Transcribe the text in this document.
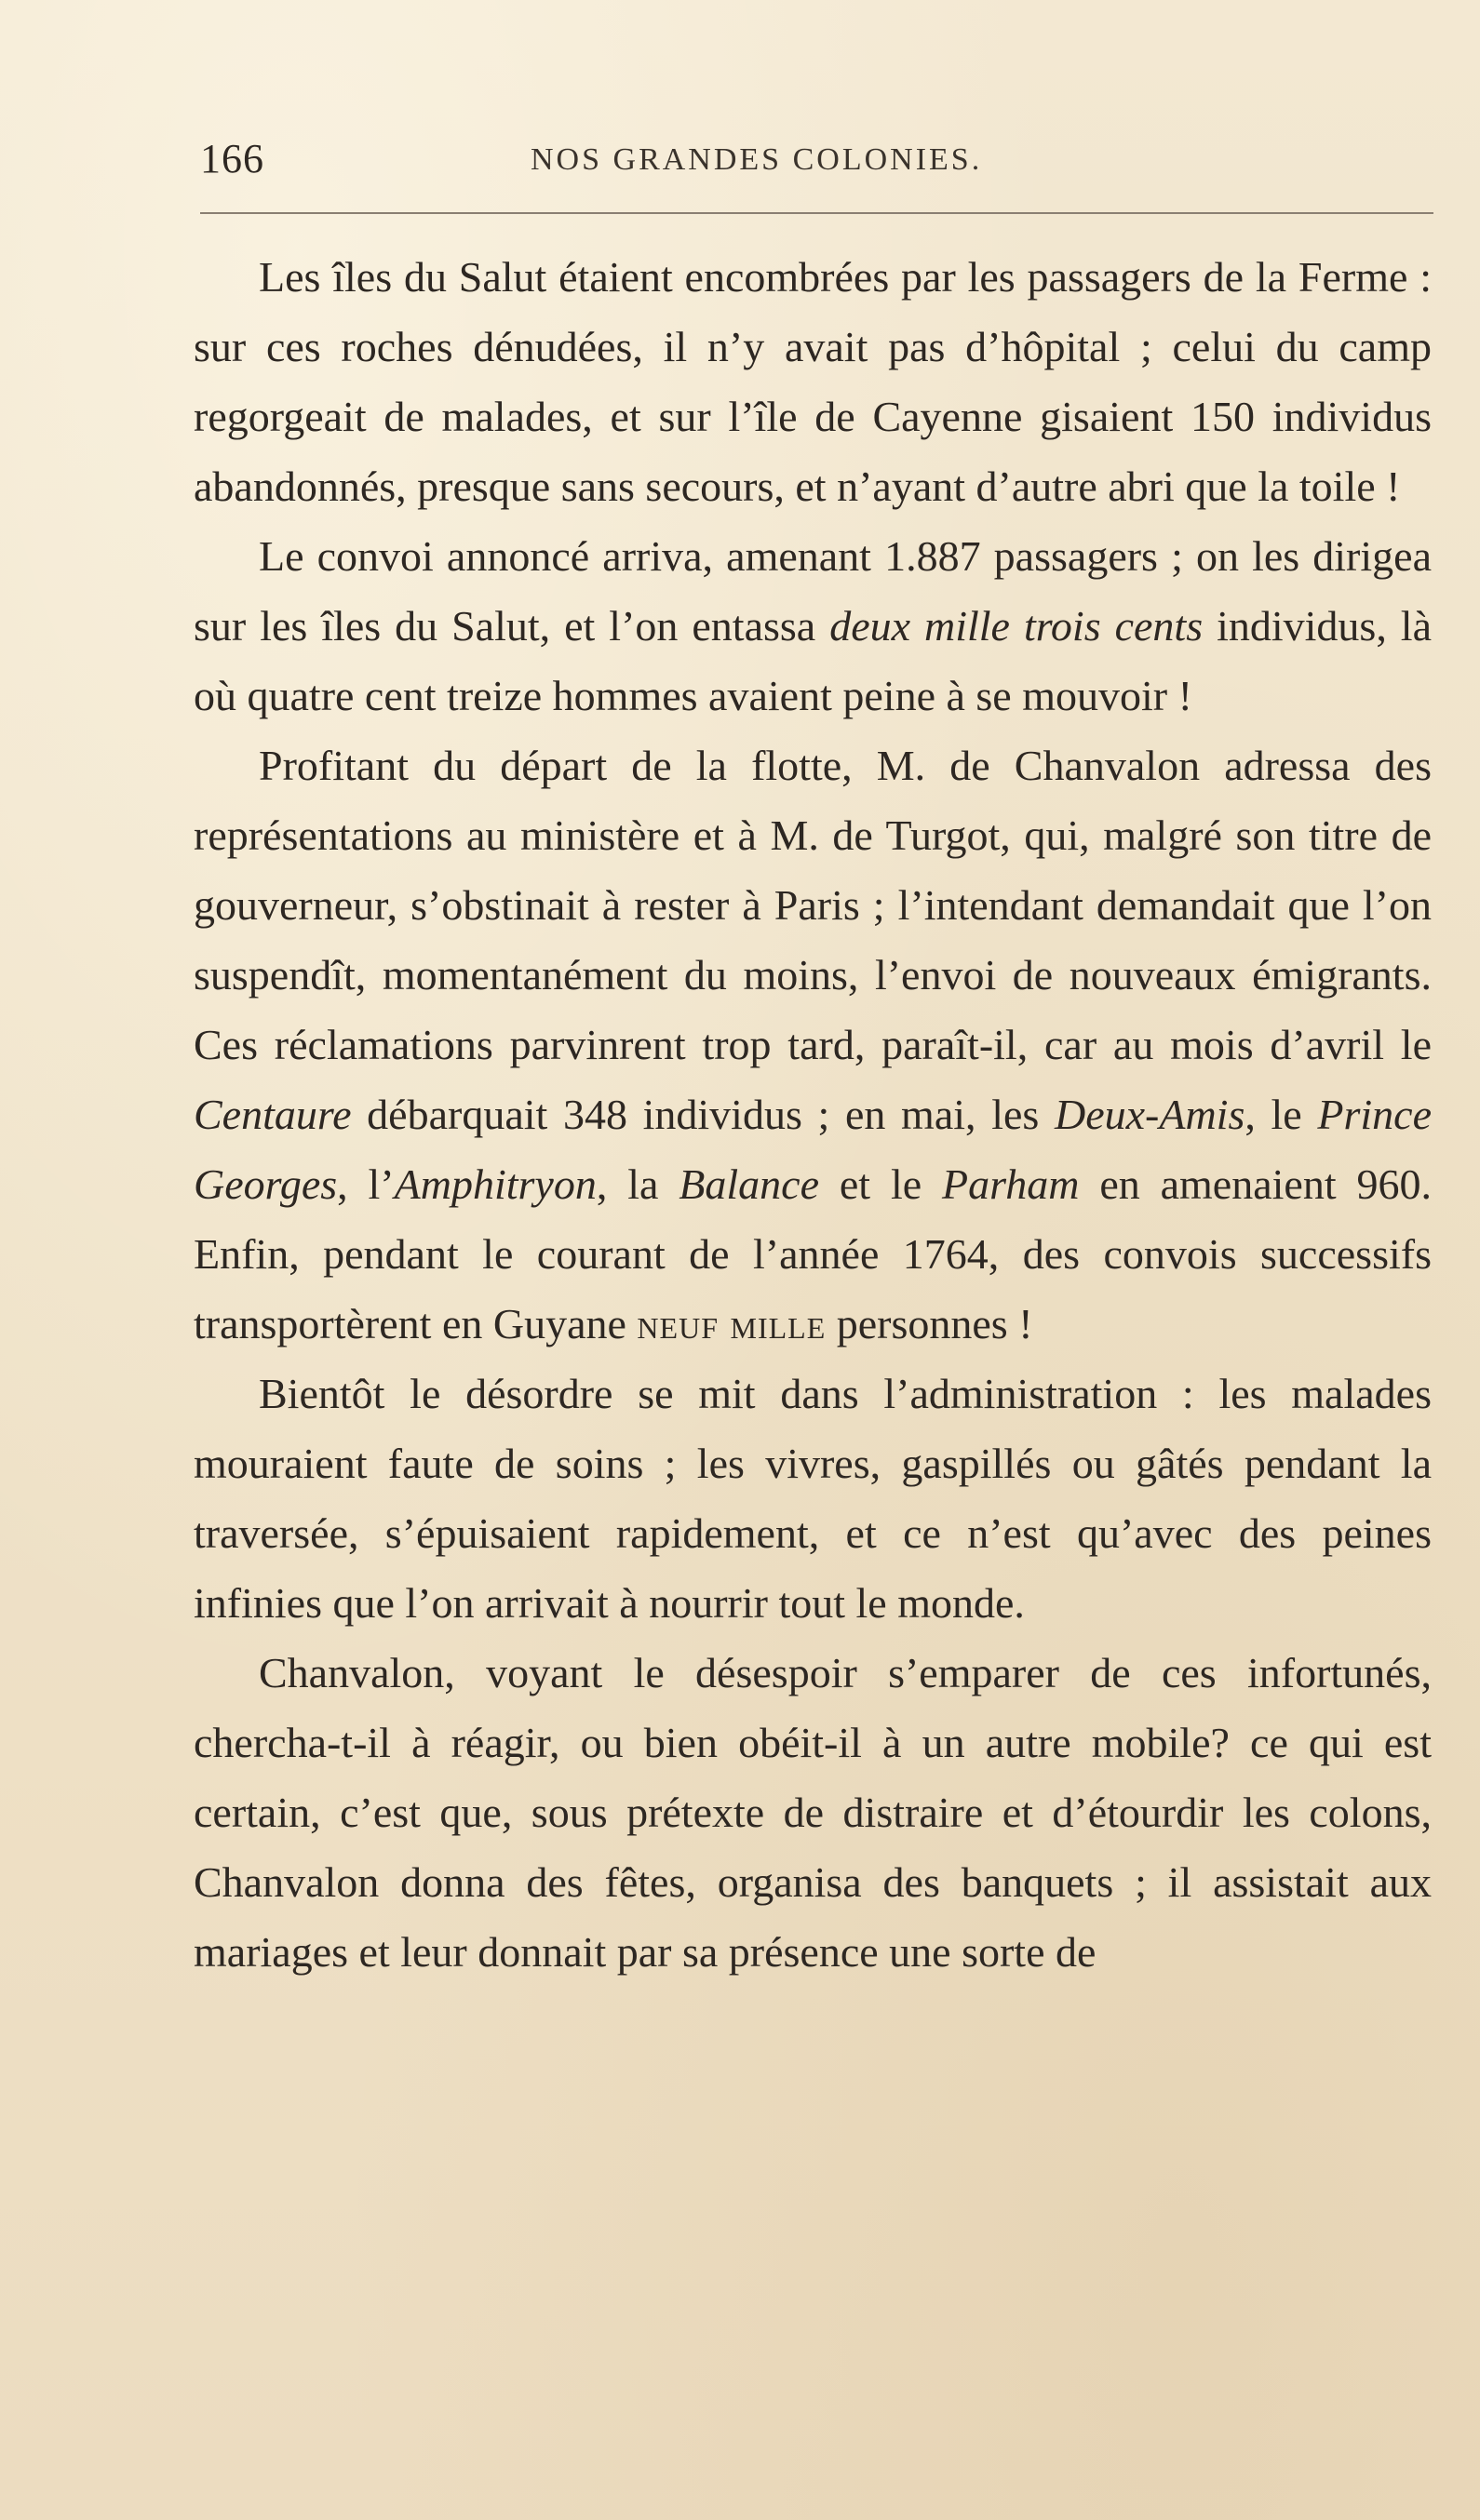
166	NOS GRANDES COLONIES.

Les îles du Salut étaient encombrées par les passagers de la Ferme : sur ces roches dénudées, il n’y avait pas d’hôpital ; celui du camp regorgeait de malades, et sur l’île de Cayenne gisaient 150 individus abandonnés, presque sans secours, et n’ayant d’autre abri que la toile !

Le convoi annoncé arriva, amenant 1.887 passagers ; on les dirigea sur les îles du Salut, et l’on entassa deux mille trois cents individus, là où quatre cent treize hommes avaient peine à se mouvoir !

Profitant du départ de la flotte, M. de Chanvalon adressa des représentations au ministère et à M. de Turgot, qui, malgré son titre de gouverneur, s’obstinait à rester à Paris ; l’intendant demandait que l’on suspendît, momentanément du moins, l’envoi de nouveaux émigrants. Ces réclamations parvinrent trop tard, paraît-il, car au mois d’avril le Centaure débarquait 348 individus ; en mai, les Deux-Amis, le Prince Georges, l’Amphitryon, la Balance et le Parham en amenaient 960. Enfin, pendant le courant de l’année 1764, des convois successifs transportèrent en Guyane neuf mille personnes !

Bientôt le désordre se mit dans l’administration : les malades mouraient faute de soins ; les vivres, gaspillés ou gâtés pendant la traversée, s’épuisaient rapidement, et ce n’est qu’avec des peines infinies que l’on arrivait à nourrir tout le monde.

Chanvalon, voyant le désespoir s’emparer de ces infortunés, chercha-t-il à réagir, ou bien obéit-il à un autre mobile? ce qui est certain, c’est que, sous prétexte de distraire et d’étourdir les colons, Chanvalon donna des fêtes, organisa des banquets ; il assistait aux mariages et leur donnait par sa présence une sorte de
